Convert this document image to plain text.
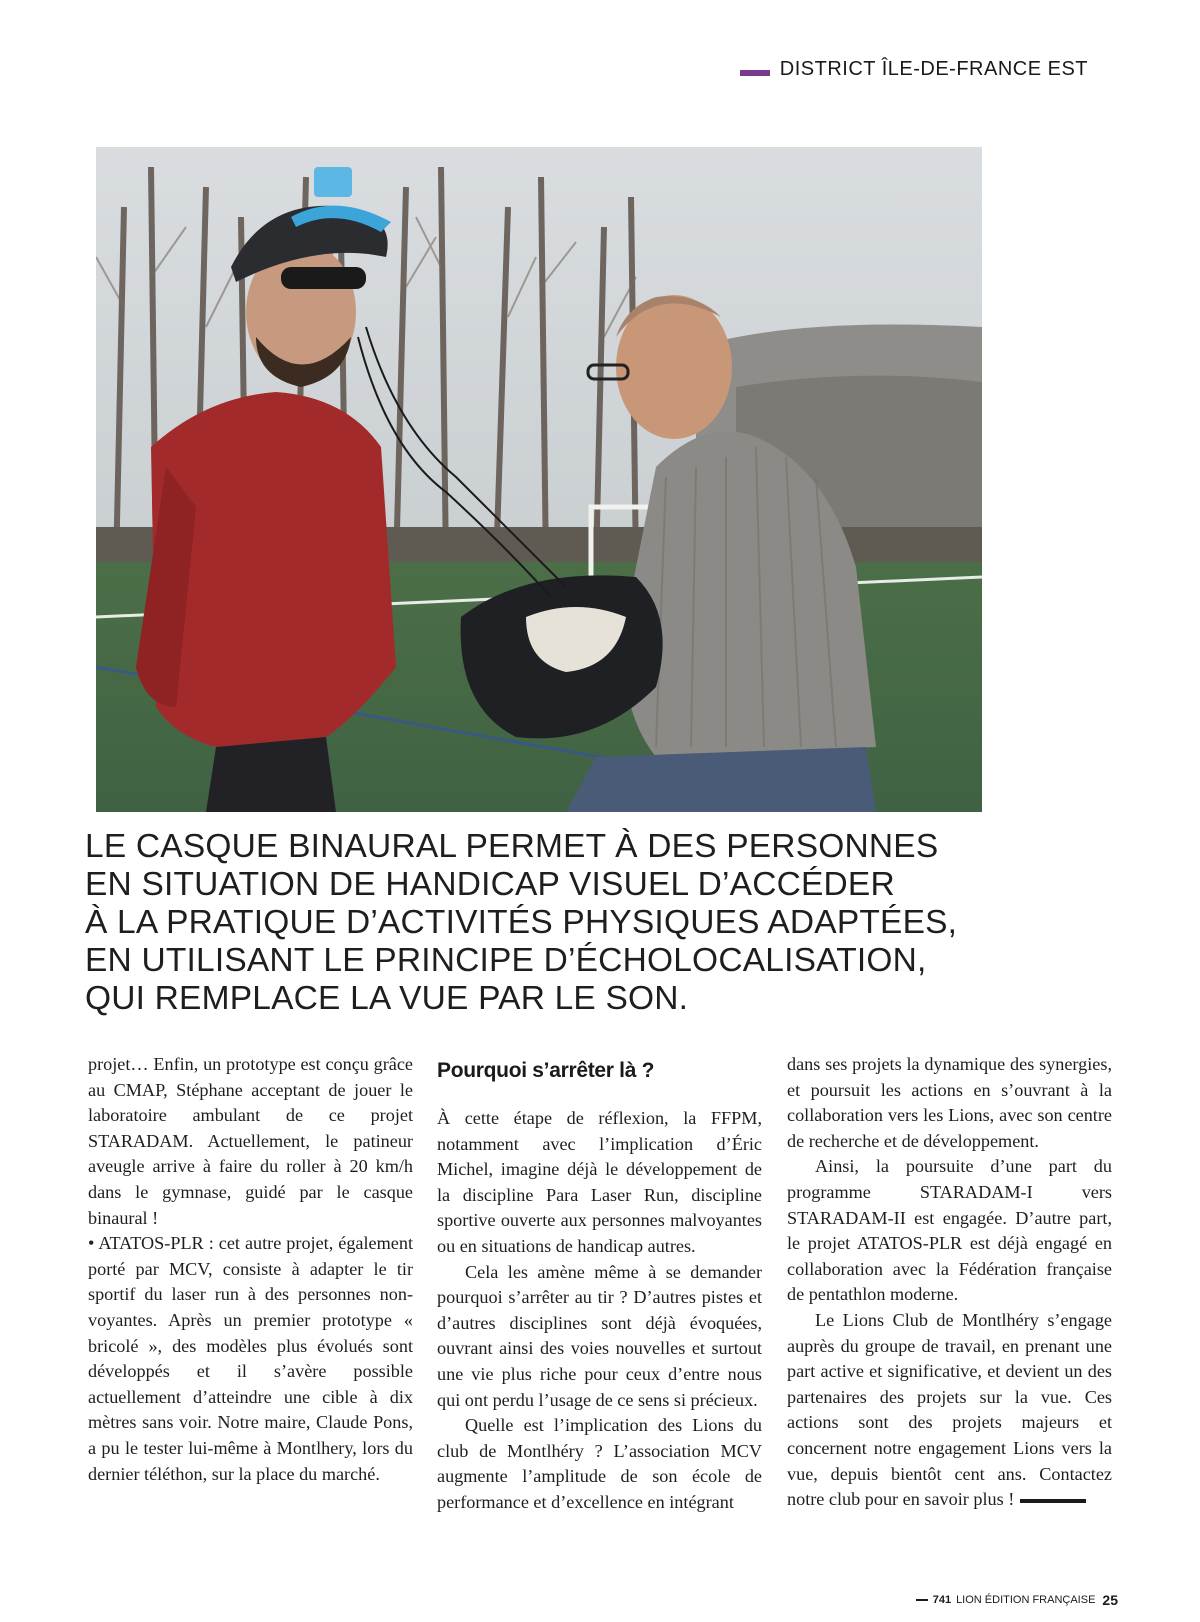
DISTRICT ÎLE-DE-FRANCE EST
LE CASQUE BINAURAL PERMET À DES PERSONNES
EN SITUATION DE HANDICAP VISUEL D’ACCÉDER
À LA PRATIQUE D’ACTIVITÉS PHYSIQUES ADAPTÉES,
EN UTILISANT LE PRINCIPE D’ÉCHOLOCALISATION,
QUI REMPLACE LA VUE PAR LE SON.

projet… Enfin, un prototype est conçu grâce au CMAP, Stéphane acceptant de jouer le laboratoire ambulant de ce projet STARADAM. Actuellement, le patineur aveugle arrive à faire du roller à 20 km/h dans le gymnase, guidé par le casque binaural !

• ATATOS-PLR : cet autre projet, également porté par MCV, consiste à adapter le tir sportif du laser run à des personnes non-voyantes. Après un premier prototype « bricolé », des modèles plus évolués sont développés et il s’avère possible actuellement d’atteindre une cible à dix mètres sans voir. Notre maire, Claude Pons, a pu le tester lui-même à Montlhery, lors du dernier téléthon, sur la place du marché.

Pourquoi s’arrêter là ?

À cette étape de réflexion, la FFPM, notamment avec l’implication d’Éric Michel, imagine déjà le développement de la discipline Para Laser Run, discipline sportive ouverte aux personnes malvoyantes ou en situations de handicap autres.

Cela les amène même à se demander pourquoi s’arrêter au tir ? D’autres pistes et d’autres disciplines sont déjà évoquées, ouvrant ainsi des voies nouvelles et surtout une vie plus riche pour ceux d’entre nous qui ont perdu l’usage de ce sens si précieux.

Quelle est l’implication des Lions du club de Montlhéry ? L’association MCV augmente l’amplitude de son école de performance et d’excellence en intégrant

dans ses projets la dynamique des synergies, et poursuit les actions en s’ouvrant à la collaboration vers les Lions, avec son centre de recherche et de développement.

Ainsi, la poursuite d’une part du programme STARADAM-I vers STARADAM-II est engagée. D’autre part, le projet ATATOS-PLR est déjà engagé en collaboration avec la Fédération française de pentathlon moderne.

Le Lions Club de Montlhéry s’engage auprès du groupe de travail, en prenant une part active et significative, et devient un des partenaires des projets sur la vue. Ces actions sont des projets majeurs et concernent notre engagement Lions vers la vue, depuis bientôt cent ans. Contactez notre club pour en savoir plus !

741 LION ÉDITION FRANÇAISE 25
